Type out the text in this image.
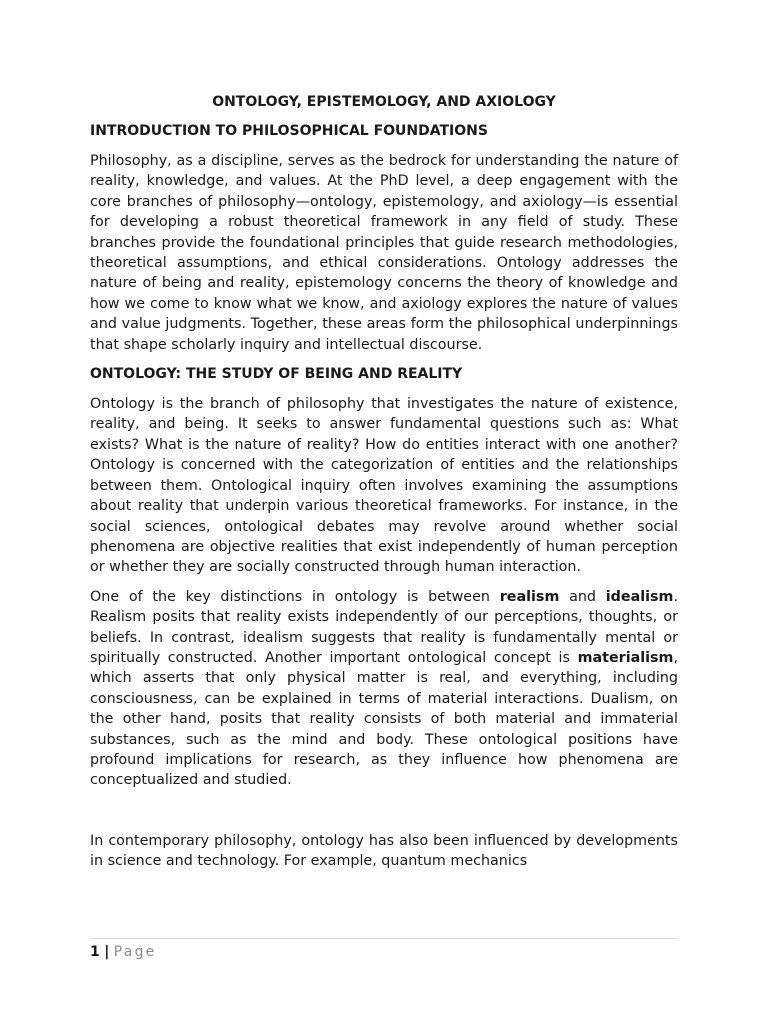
ONTOLOGY, EPISTEMOLOGY, AND AXIOLOGY
INTRODUCTION TO PHILOSOPHICAL FOUNDATIONS

Philosophy, as a discipline, serves as the bedrock for understanding the nature of reality, knowledge, and values. At the PhD level, a deep engagement with the core branches of philosophy—ontology, epistemology, and axiology—is essential for developing a robust theoretical framework in any field of study. These branches provide the foundational principles that guide research methodologies, theoretical assumptions, and ethical considerations. Ontology addresses the nature of being and reality, epistemology concerns the theory of knowledge and how we come to know what we know, and axiology explores the nature of values and value judgments. Together, these areas form the philosophical underpinnings that shape scholarly inquiry and intellectual discourse.

ONTOLOGY: THE STUDY OF BEING AND REALITY

Ontology is the branch of philosophy that investigates the nature of existence, reality, and being. It seeks to answer fundamental questions such as: What exists? What is the nature of reality? How do entities interact with one another? Ontology is concerned with the categorization of entities and the relationships between them. Ontological inquiry often involves examining the assumptions about reality that underpin various theoretical frameworks. For instance, in the social sciences, ontological debates may revolve around whether social phenomena are objective realities that exist independently of human perception or whether they are socially constructed through human interaction.

One of the key distinctions in ontology is between realism and idealism. Realism posits that reality exists independently of our perceptions, thoughts, or beliefs. In contrast, idealism suggests that reality is fundamentally mental or spiritually constructed. Another important ontological concept is materialism, which asserts that only physical matter is real, and everything, including consciousness, can be explained in terms of material interactions. Dualism, on the other hand, posits that reality consists of both material and immaterial substances, such as the mind and body. These ontological positions have profound implications for research, as they influence how phenomena are conceptualized and studied.

In contemporary philosophy, ontology has also been influenced by developments in science and technology. For example, quantum mechanics

1 | Page
